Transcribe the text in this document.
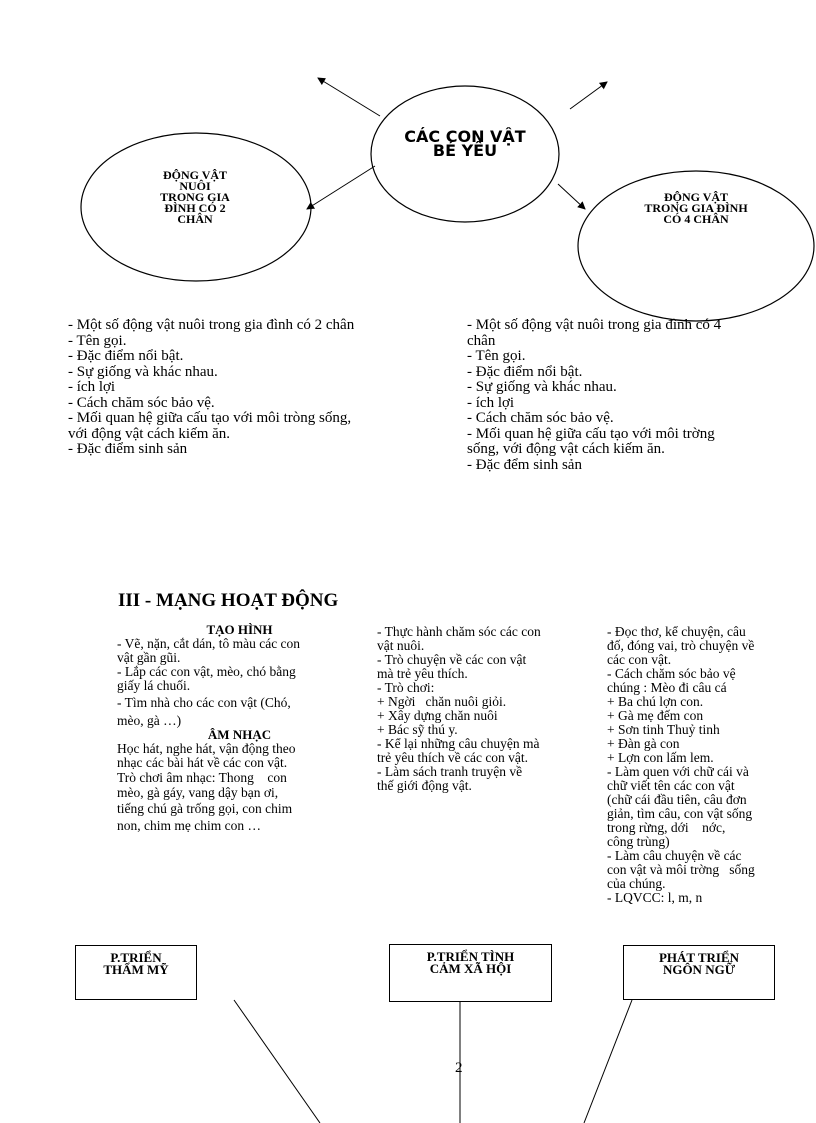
CÁC CON VẬT
BÉ YÊU
ĐỘNG VẬT
NUÔI
TRONG GIA
ĐÌNH CÓ 2
CHÂN
ĐỘNG VẬT
TRONG GIA ĐÌNH
CÓ 4 CHÂN
- Một số động vật nuôi trong gia đình có 2 chân
- Tên gọi.
- Đặc điểm nổi bật.
- Sự giống và khác nhau.
- ích lợi
- Cách chăm sóc bảo vệ.
- Mối quan hệ giữa cấu tạo với môi tròng sống,
với động vật cách kiếm ăn.
- Đặc điểm sinh sản
- Một số động vật nuôi trong gia đình có 4
chân
- Tên gọi.
- Đặc điểm nổi bật.
- Sự giống và khác nhau.
- ích lợi
- Cách chăm sóc bảo vệ.
- Mối quan hệ giữa cấu tạo với môi trờng
sống, với động vật cách kiếm ăn.
- Đặc đểm sinh sản
III - MẠNG HOẠT ĐỘNG
TẠO HÌNH
- Vẽ, nặn, cắt dán, tô màu các con
vật gần gũi.
- Lắp các con vật, mèo, chó bằng
giấy lá chuối.
- Tìm nhà cho các con vật (Chó,
mèo, gà …)
ÂM NHẠC
Học hát, nghe hát, vận động theo
nhạc các bài hát về các con vật.
Trò chơi âm nhạc: Thong    con
mèo, gà gáy, vang dậy bạn ơi,
tiếng chú gà trống gọi, con chim
non, chim mẹ chim con …
- Thực hành chăm sóc các con
vật nuôi.
- Trò chuyện về các con vật
mà trẻ yêu thích.
- Trò chơi:
+ Ngời   chăn nuôi giỏi.
+ Xây dựng chăn nuôi
+ Bác sỹ thú y.
- Kể lại những câu chuyện mà
trẻ yêu thích về các con vật.
- Làm sách tranh truyện về
thế giới động vật.
- Đọc thơ, kể chuyện, câu
đố, đóng vai, trò chuyện về
các con vật.
- Cách chăm sóc bảo vệ
chúng : Mèo đi câu cá
+ Ba chú lợn con.
+ Gà mẹ đếm con
+ Sơn tinh Thuỷ tinh
+ Đàn gà con
+ Lợn con lấm lem.
- Làm quen với chữ cái và
chữ viết tên các con vật
(chữ cái đầu tiên, câu đơn
giản, tìm câu, con vật sống
trong rừng, dới    nớc,
công trùng)
- Làm câu chuyện về các
con vật và môi trờng   sống
của chúng.
- LQVCC: l, m, n
P.TRIỂN
THẨM MỸ
P.TRIỂN TÌNH
CẢM XÃ HỘI
PHÁT TRIỂN
NGÔN NGỮ
2
